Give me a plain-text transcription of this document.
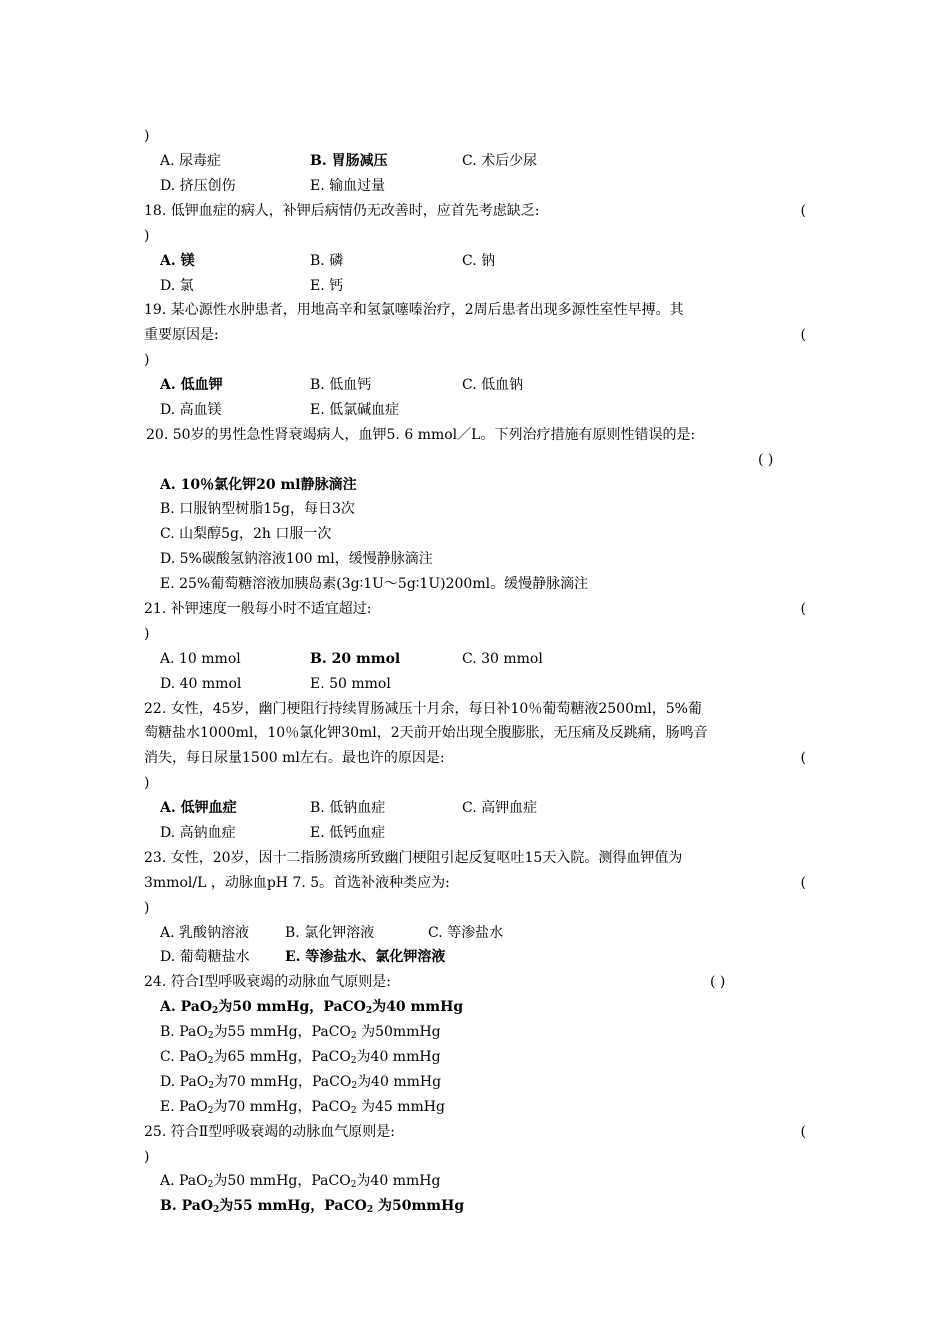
)
A. 尿毒症	B. 胃肠减压	C. 术后少尿
D. 挤压创伤	E. 输血过量
18. 低钾血症的病人，补钾后病情仍无改善时，应首先考虑缺乏:	(
)
A. 镁	B. 磷	C. 钠
D. 氯	E. 钙
19. 某心源性水肿患者，用地高辛和氢氯噻嗪治疗，2周后患者出现多源性室性早搏。其
重要原因是:	(
)
A. 低血钾	B. 低血钙	C. 低血钠
D. 高血镁	E. 低氯碱血症
20. 50岁的男性急性肾衰竭病人，血钾5. 6 mmol／L。下列治疗措施有原则性错误的是:
( )
A. 10％氯化钾20 ml静脉滴注
B. 口服钠型树脂15g，每日3次
C. 山梨醇5g，2h 口服一次
D. 5%碳酸氢钠溶液100 ml，缓慢静脉滴注
E. 25%葡萄糖溶液加胰岛素(3g∶1U～5g∶1U)200ml。缓慢静脉滴注
21. 补钾速度一般每小时不适宜超过:	(
)
A. 10 mmol	B. 20 mmol	C. 30 mmol
D. 40 mmol	E. 50 mmol
22. 女性，45岁，幽门梗阻行持续胃肠减压十月余，每日补10％葡萄糖液2500ml，5%葡
萄糖盐水1000ml，10％氯化钾30ml，2天前开始出现全腹膨胀，无压痛及反跳痛，肠鸣音
消失，每日尿量1500 ml左右。最也许的原因是:	(
)
A. 低钾血症	B. 低钠血症	C. 高钾血症
D. 高钠血症	E. 低钙血症
23. 女性，20岁，因十二指肠溃疡所致幽门梗阻引起反复呕吐15天入院。测得血钾值为
3mmol/L ，动脉血pH 7. 5。首选补液种类应为:	(
)
A. 乳酸钠溶液	B. 氯化钾溶液	C. 等渗盐水
D. 葡萄糖盐水	E. 等渗盐水、氯化钾溶液
24. 符合Ⅰ型呼吸衰竭的动脉血气原则是:	( )
A. PaO$_2$为50 mmHg，PaCO$_2$为40 mmHg
B. PaO$_2$为55 mmHg，PaCO$_2$ 为50mmHg
C. PaO$_2$为65 mmHg，PaCO$_2$为40 mmHg
D. PaO$_2$为70 mmHg，PaCO$_2$为40 mmHg
E. PaO$_2$为70 mmHg，PaCO$_2$ 为45 mmHg
25. 符合Ⅱ型呼吸衰竭的动脉血气原则是:	(
)
A. PaO$_2$为50 mmHg，PaCO$_2$为40 mmHg
B. PaO$_2$为55 mmHg，PaCO$_2$ 为50mmHg
